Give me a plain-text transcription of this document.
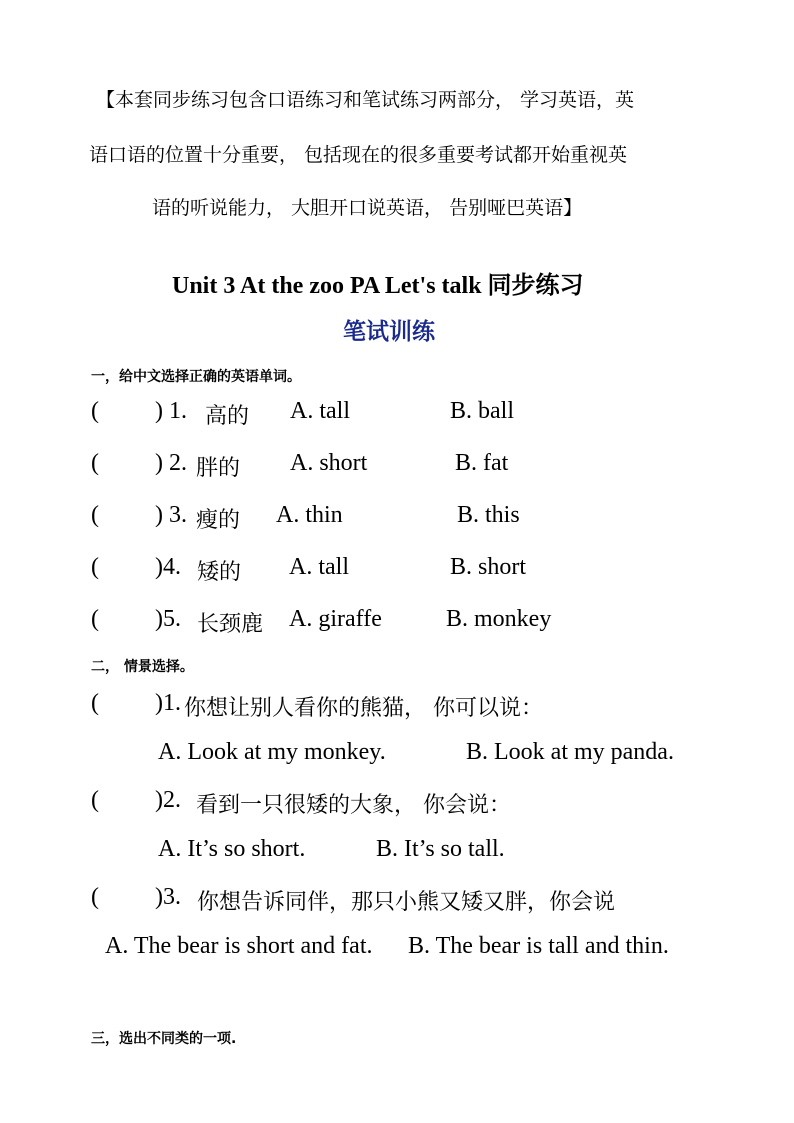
【本套同步练习包含口语练习和笔试练习两部分， 学习英语，英
语口语的位置十分重要， 包括现在的很多重要考试都开始重视英
语的听说能力， 大胆开口说英语， 告别哑巴英语】
Unit 3 At the zoo PA Let's talk 同步练习
笔试训练
一，给中文选择正确的英语单词。
( ) 1. 高的 A. tall	B. ball
( ) 2. 胖的 A. short	B. fat
( ) 3. 瘦的 A. thin	B. this
( )4. 矮的 A. tall	B. short
( )5. 长颈鹿 A. giraffe	B. monkey
二， 情景选择。
( )1. 你想让别人看你的熊猫， 你可以说：
A. Look at my monkey.	B. Look at my panda.
( )2. 看到一只很矮的大象， 你会说：
A. It’s so short.	B. It’s so tall.
( )3. 你想告诉同伴，那只小熊又矮又胖，你会说
A. The bear is short and fat. B. The bear is tall and thin.
三，选出不同类的一项.
